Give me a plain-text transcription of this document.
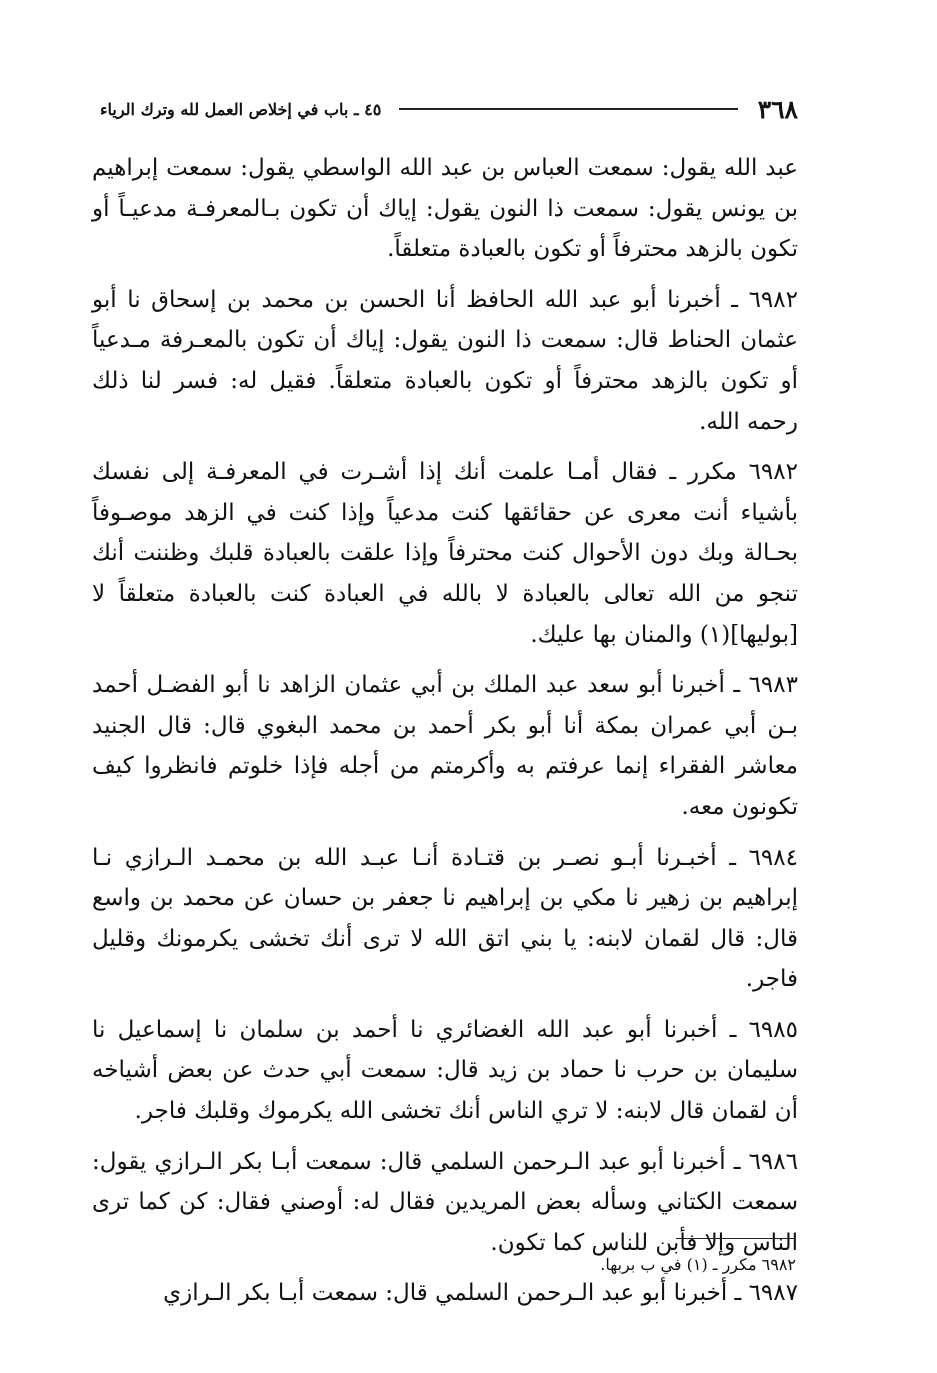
٣٦٨
٤٥ ـ باب في إخلاص العمل لله وترك الرياء

عبد الله يقول: سمعت العباس بن عبد الله الواسطي يقول: سمعت إبراهيم بن يونس يقول: سمعت ذا النون يقول: إياك أن تكون بـالمعرفـة مدعيـاً أو تكون بالزهد محترفاً أو تكون بالعبادة متعلقاً.

٦٩٨٢ ـ أخبرنا أبو عبد الله الحافظ أنا الحسن بن محمد بن إسحاق نا أبو عثمان الحناط قال: سمعت ذا النون يقول: إياك أن تكون بالمعـرفة مـدعياً أو تكون بالزهد محترفاً أو تكون بالعبادة متعلقاً. فقيل له: فسر لنا ذلك رحمه الله.

٦٩٨٢ مكرر ـ فقال أمـا علمت أنك إذا أشـرت في المعرفـة إلى نفسك بأشياء أنت معرى عن حقائقها كنت مدعياً وإذا كنت في الزهد موصـوفاً بحـالة وبك دون الأحوال كنت محترفاً وإذا علقت بالعبادة قلبك وظننت أنك تنجو من الله تعالى بالعبادة لا بالله في العبادة كنت بالعبادة متعلقاً لا [بوليها](١) والمنان بها عليك.

٦٩٨٣ ـ أخبرنا أبو سعد عبد الملك بن أبي عثمان الزاهد نا أبو الفضـل أحمد بـن أبي عمران بمكة أنا أبو بكر أحمد بن محمد البغوي قال: قال الجنيد معاشر الفقراء إنما عرفتم به وأكرمتم من أجله فإذا خلوتم فانظروا كيف تكونون معه.

٦٩٨٤ ـ أخبـرنا أبـو نصـر بن قتـادة أنـا عبـد الله بن محمـد الـرازي نـا إبراهيم بن زهير نا مكي بن إبراهيم نا جعفر بن حسان عن محمد بن واسع قال: قال لقمان لابنه: يا بني اتق الله لا ترى أنك تخشى يكرمونك وقليل فاجر.

٦٩٨٥ ـ أخبرنا أبو عبد الله الغضائري نا أحمد بن سلمان نا إسماعيل نا سليمان بن حرب نا حماد بن زيد قال: سمعت أبي حدث عن بعض أشياخه أن لقمان قال لابنه: لا تري الناس أنك تخشى الله يكرموك وقلبك فاجر.

٦٩٨٦ ـ أخبرنا أبو عبد الـرحمن السلمي قال: سمعت أبـا بكر الـرازي يقول: سمعت الكتاني وسأله بعض المريدين فقال له: أوصني فقال: كن كما ترى الناس وإلا فأبن للناس كما تكون.

٦٩٨٧ ـ أخبرنا أبو عبد الـرحمن السلمي قال: سمعت أبـا بكر الـرازي

٦٩٨٢ مكرر ـ (١) في ب بربها.
